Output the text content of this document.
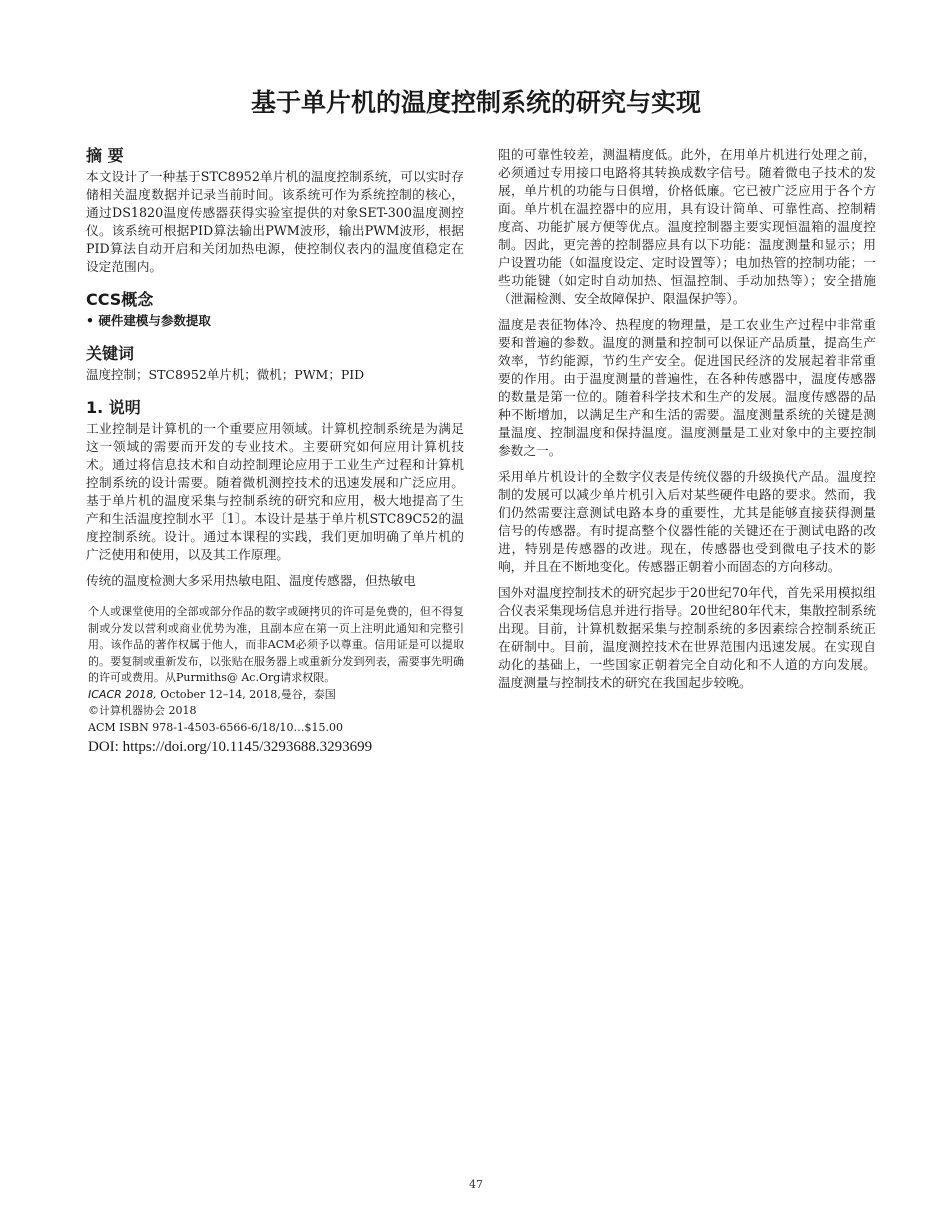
基于单片机的温度控制系统的研究与实现
摘 要

本文设计了一种基于STC8952单片机的温度控制系统，可以实时存储相关温度数据并记录当前时间。该系统可作为系统控制的核心，通过DS1820温度传感器获得实验室提供的对象SET-300温度测控仪。该系统可根据PID算法输出PWM波形，输出PWM波形，根据PID算法自动开启和关闭加热电源，使控制仪表内的温度值稳定在设定范围内。

CCS概念

• 硬件建模与参数提取

关键词

温度控制；STC8952单片机；微机；PWM；PID

1. 说明

工业控制是计算机的一个重要应用领域。计算机控制系统是为满足这一领域的需要而开发的专业技术。主要研究如何应用计算机技术。通过将信息技术和自动控制理论应用于工业生产过程和计算机控制系统的设计需要。随着微机测控技术的迅速发展和广泛应用。基于单片机的温度采集与控制系统的研究和应用，极大地提高了生产和生活温度控制水平〔1〕。本设计是基于单片机STC89C52的温度控制系统。设计。通过本课程的实践，我们更加明确了单片机的广泛使用和使用，以及其工作原理。

传统的温度检测大多采用热敏电阻、温度传感器，但热敏电

个人或课堂使用的全部或部分作品的数字或硬拷贝的许可是免费的，但不得复制或分发以营利或商业优势为准，且副本应在第一页上注明此通知和完整引用。该作品的著作权属于他人，而非ACM必须予以尊重。信用证是可以提取的。要复制或重新发布，以张贴在服务器上或重新分发到列表，需要事先明确的许可或费用。从Purmiths@ Ac.Org请求权限。

ICACR 2018, October 12–14, 2018,曼谷，泰国

©计算机器协会 2018

ACM ISBN 978-1-4503-6566-6/18/10…$15.00

DOI: https://doi.org/10.1145/3293688.3293699

阻的可靠性较差，测温精度低。此外，在用单片机进行处理之前，必须通过专用接口电路将其转换成数字信号。随着微电子技术的发展，单片机的功能与日俱增，价格低廉。它已被广泛应用于各个方面。单片机在温控器中的应用，具有设计简单、可靠性高、控制精度高、功能扩展方便等优点。温度控制器主要实现恒温箱的温度控制。因此，更完善的控制器应具有以下功能：温度测量和显示；用户设置功能（如温度设定、定时设置等）；电加热管的控制功能；一些功能键（如定时自动加热、恒温控制、手动加热等）；安全措施（泄漏检测、安全故障保护、限温保护等）。

温度是表征物体冷、热程度的物理量，是工农业生产过程中非常重要和普遍的参数。温度的测量和控制可以保证产品质量，提高生产效率，节约能源，节约生产安全。促进国民经济的发展起着非常重要的作用。由于温度测量的普遍性，在各种传感器中，温度传感器的数量是第一位的。随着科学技术和生产的发展。温度传感器的品种不断增加，以满足生产和生活的需要。温度测量系统的关键是测量温度、控制温度和保持温度。温度测量是工业对象中的主要控制参数之一。

采用单片机设计的全数字仪表是传统仪器的升级换代产品。温度控制的发展可以减少单片机引入后对某些硬件电路的要求。然而，我们仍然需要注意测试电路本身的重要性，尤其是能够直接获得测量信号的传感器。有时提高整个仪器性能的关键还在于测试电路的改进，特别是传感器的改进。现在，传感器也受到微电子技术的影响，并且在不断地变化。传感器正朝着小而固态的方向移动。

国外对温度控制技术的研究起步于20世纪70年代，首先采用模拟组合仪表采集现场信息并进行指导。20世纪80年代末，集散控制系统出现。目前，计算机数据采集与控制系统的多因素综合控制系统正在研制中。目前，温度测控技术在世界范围内迅速发展。在实现自动化的基础上，一些国家正朝着完全自动化和不人道的方向发展。温度测量与控制技术的研究在我国起步较晚。

47
